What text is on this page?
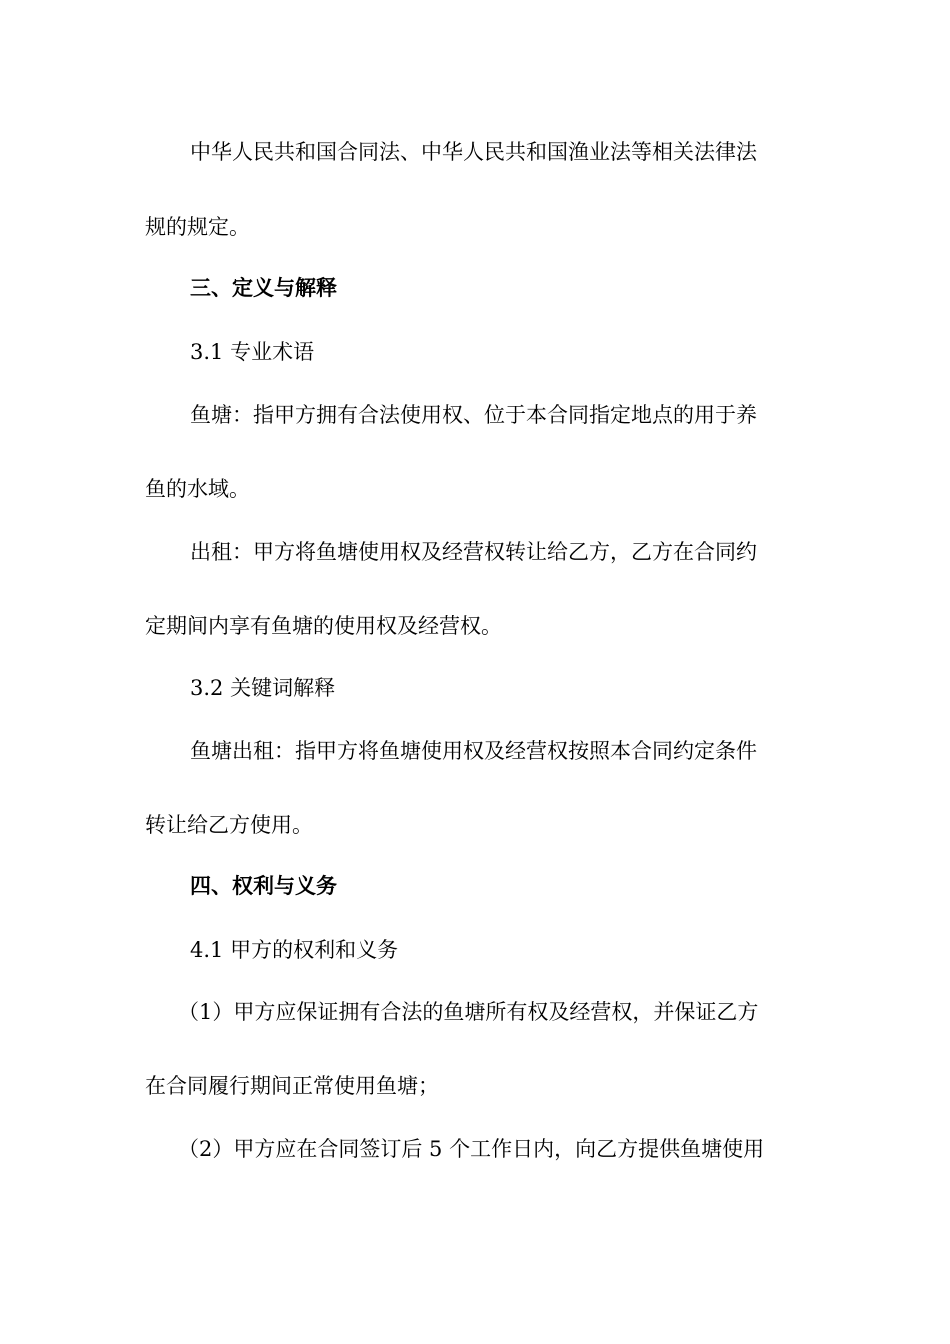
中华人民共和国合同法、中华人民共和国渔业法等相关法律法
规的规定。
三、定义与解释
3.1 专业术语
鱼塘：指甲方拥有合法使用权、位于本合同指定地点的用于养
鱼的水域。
出租：甲方将鱼塘使用权及经营权转让给乙方，乙方在合同约
定期间内享有鱼塘的使用权及经营权。
3.2 关键词解释
鱼塘出租：指甲方将鱼塘使用权及经营权按照本合同约定条件
转让给乙方使用。
四、权利与义务
4.1 甲方的权利和义务
（1）甲方应保证拥有合法的鱼塘所有权及经营权，并保证乙方
在合同履行期间正常使用鱼塘；
（2）甲方应在合同签订后 5 个工作日内，向乙方提供鱼塘使用
